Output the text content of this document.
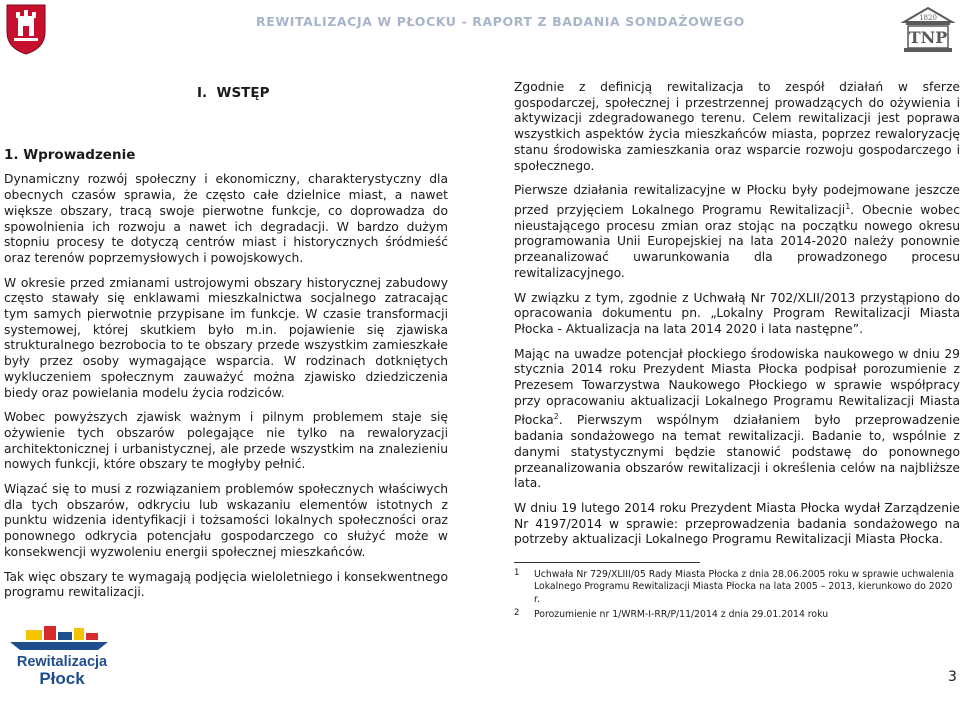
REWITALIZACJA W PŁOCKU - RAPORT Z BADANIA SONDAŻOWEGO	1820
TNP
I.  WSTĘP
1. Wprowadzenie

Dynamiczny rozwój społeczny i ekonomiczny, charakterystyczny dla obecnych czasów sprawia, że często całe dzielnice miast, a nawet większe obszary, tracą swoje pierwotne funkcje, co doprowadza do spowolnienia ich rozwoju a nawet ich degradacji. W bardzo dużym stopniu procesy te dotyczą centrów miast i historycznych śródmieść oraz terenów poprzemysłowych i powojskowych.

W okresie przed zmianami ustrojowymi obszary historycznej zabudowy często stawały się enklawami mieszkalnictwa socjalnego zatracając tym samych pierwotnie przypisane im funkcje. W czasie transformacji systemowej, której skutkiem było m.in. pojawienie się zjawiska strukturalnego bezrobocia to te obszary przede wszystkim zamieszkałe były przez osoby wymagające wsparcia. W rodzinach dotkniętych wykluczeniem społecznym zauważyć można zjawisko dziedziczenia biedy oraz powielania modelu życia rodziców.

Wobec powyższych zjawisk ważnym i pilnym problemem staje się ożywienie tych obszarów polegające nie tylko na rewaloryzacji architektonicznej i urbanistycznej, ale przede wszystkim na znalezieniu nowych funkcji, które obszary te mogłyby pełnić.

Wiązać się to musi z rozwiązaniem problemów społecznych właściwych dla tych obszarów, odkryciu lub wskazaniu elementów istotnych z punktu widzenia identyfikacji i tożsamości lokalnych społeczności oraz ponownego odkrycia potencjału gospodarczego co służyć może w konsekwencji wyzwoleniu energii społecznej mieszkańców.

Tak więc obszary te wymagają podjęcia wieloletniego i konsekwentnego programu rewitalizacji.

Zgodnie z definicją rewitalizacja to zespół działań w sferze gospodarczej, społecznej i przestrzennej prowadzących do ożywienia i aktywizacji zdegradowanego terenu. Celem rewitalizacji jest poprawa wszystkich aspektów życia mieszkańców miasta, poprzez rewaloryzację stanu środowiska zamieszkania oraz wsparcie rozwoju gospodarczego i społecznego.

Pierwsze działania rewitalizacyjne w Płocku były podejmowane jeszcze przed przyjęciem Lokalnego Programu Rewitalizacji$^1$. Obecnie wobec nieustającego procesu zmian oraz stojąc na początku nowego okresu programowania Unii Europejskiej na lata 2014-2020 należy ponownie przeanalizować uwarunkowania dla prowadzonego procesu rewitalizacyjnego.

W związku z tym, zgodnie z Uchwałą Nr 702/XLII/2013 przystąpiono do opracowania dokumentu pn. „Lokalny Program Rewitalizacji Miasta Płocka - Aktualizacja na lata 2014 2020 i lata następne”.

Mając na uwadze potencjał płockiego środowiska naukowego w dniu 29 stycznia 2014 roku Prezydent Miasta Płocka podpisał porozumienie z Prezesem Towarzystwa Naukowego Płockiego w sprawie współpracy przy opracowaniu aktualizacji Lokalnego Programu Rewitalizacji Miasta Płocka$^2$. Pierwszym wspólnym działaniem było przeprowadzenie badania sondażowego na temat rewitalizacji. Badanie to, wspólnie z danymi statystycznymi będzie stanowić podstawę do ponownego przeanalizowania obszarów rewitalizacji i określenia celów na najbliższe lata.

W dniu 19 lutego 2014 roku Prezydent Miasta Płocka wydał Zarządzenie Nr 4197/2014 w sprawie: przeprowadzenia badania sondażowego na potrzeby aktualizacji Lokalnego Programu Rewitalizacji Miasta Płocka.

1 Uchwała Nr 729/XLIII/05 Rady Miasta Płocka z dnia 28.06.2005 roku w sprawie uchwalenia Lokalnego Programu Rewitalizacji Miasta Płocka na lata 2005 – 2013, kierunkowo do 2020 r.
2 Porozumienie nr 1/WRM-I-RR/P/11/2014 z dnia 29.01.2014 roku
Rewitalizacja
Płock	3
